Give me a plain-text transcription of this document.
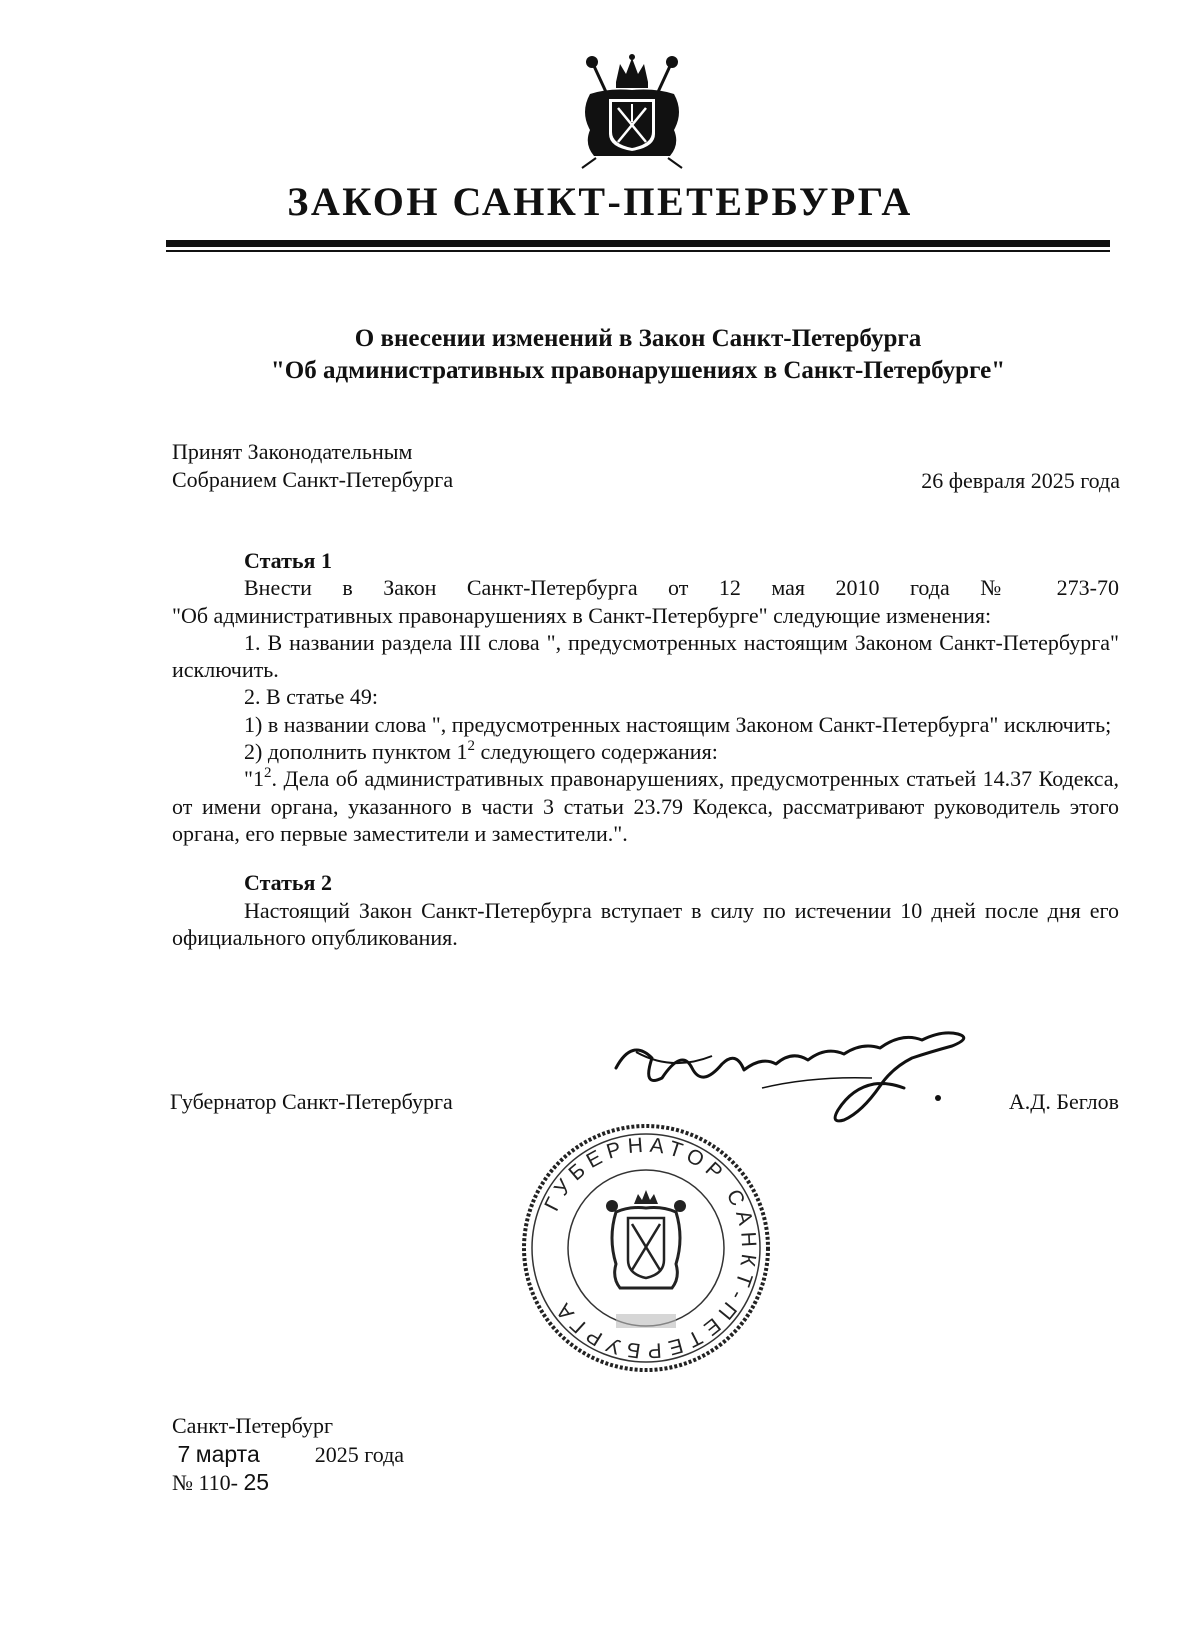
ЗАКОН САНКТ-ПЕТЕРБУРГА
О внесении изменений в Закон Санкт-Петербурга
"Об административных правонарушениях в Санкт-Петербурге"
Принят Законодательным
Собранием Санкт-Петербурга	26 февраля 2025 года

Статья 1

Внести в Закон Санкт-Петербурга от 12 мая 2010 года № 273-70

"Об административных правонарушениях в Санкт-Петербурге" следующие изменения:

1. В названии раздела III слова ", предусмотренных настоящим Законом Санкт-Петербурга" исключить.

2. В статье 49:

1) в названии слова ", предусмотренных настоящим Законом Санкт-Петербурга" исключить;

2) дополнить пунктом $1^2$ следующего содержания:

"$1^2$. Дела об административных правонарушениях, предусмотренных статьей 14.37 Кодекса, от имени органа, указанного в части 3 статьи 23.79 Кодекса, рассматривают руководитель этого органа, его первые заместители и заместители.".

Статья 2

Настоящий Закон Санкт-Петербурга вступает в силу по истечении 10 дней после дня его официального опубликования.

Губернатор Санкт-Петербурга	А.Д. Беглов
ГУБЕРНАТОР САНКТ-ПЕТЕРБУРГА
Санкт-Петербург
7 марта	2025 года
№ 110- 25
